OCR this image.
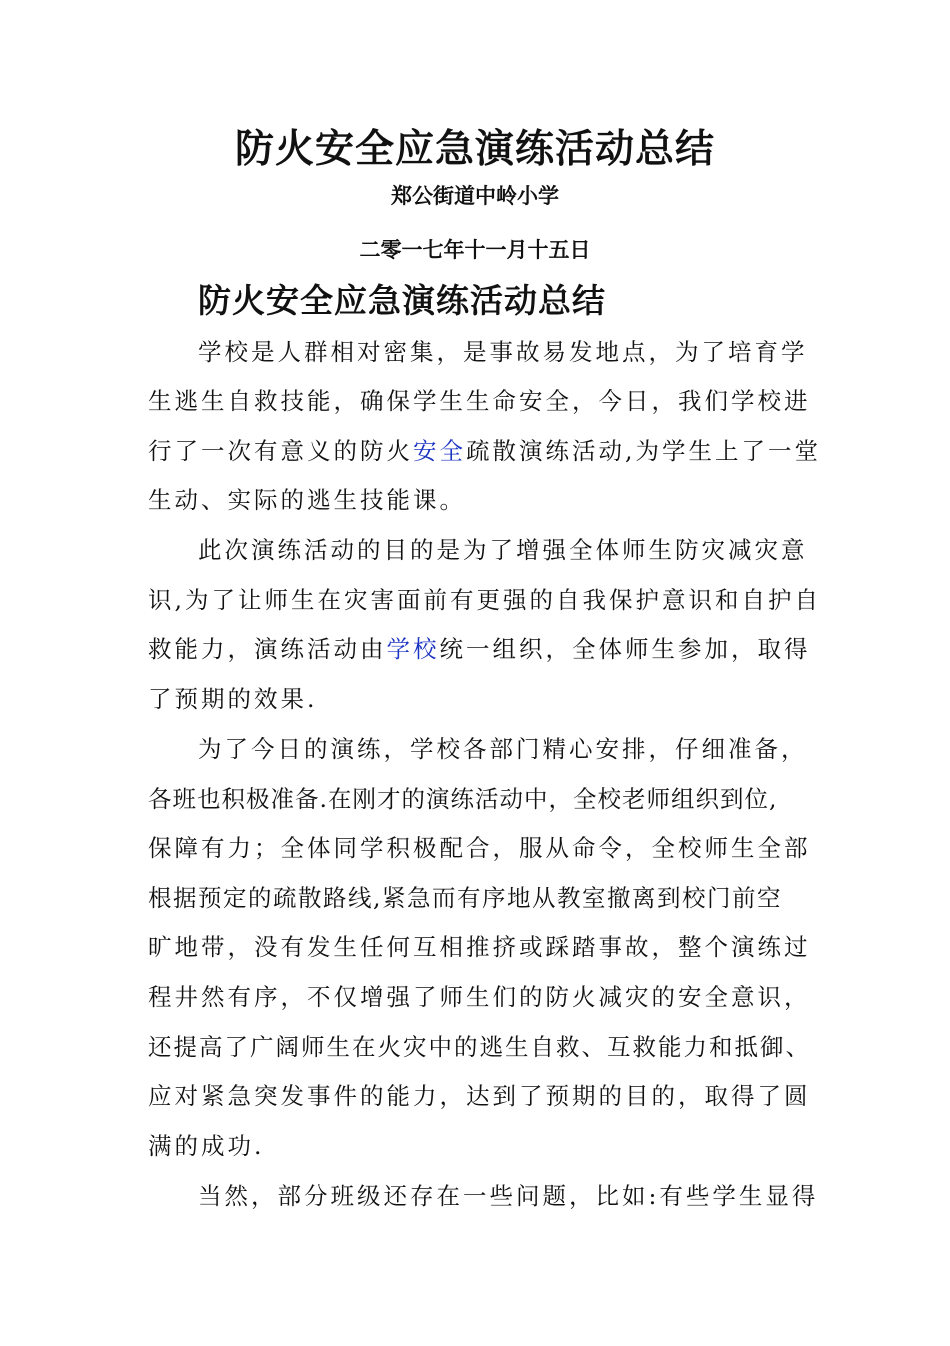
防火安全应急演练活动总结
郑公街道中岭小学
二零一七年十一月十五日
防火安全应急演练活动总结
学校是人群相对密集，是事故易发地点，为了培育学
生逃生自救技能，确保学生生命安全，今日，我们学校进
行了一次有意义的防火安全疏散演练活动,为学生上了一堂
生动、实际的逃生技能课。
此次演练活动的目的是为了增强全体师生防灾减灾意
识,为了让师生在灾害面前有更强的自我保护意识和自护自
救能力，演练活动由学校统一组织，全体师生参加，取得
了预期的效果.
为了今日的演练，学校各部门精心安排，仔细准备，
各班也积极准备.在刚才的演练活动中，全校老师组织到位,
保障有力；全体同学积极配合，服从命令，全校师生全部
根据预定的疏散路线,紧急而有序地从教室撤离到校门前空
旷地带，没有发生任何互相推挤或踩踏事故，整个演练过
程井然有序，不仅增强了师生们的防火减灾的安全意识，
还提高了广阔师生在火灾中的逃生自救、互救能力和抵御、
应对紧急突发事件的能力，达到了预期的目的，取得了圆
满的成功.
当然，部分班级还存在一些问题，比如:有些学生显得
